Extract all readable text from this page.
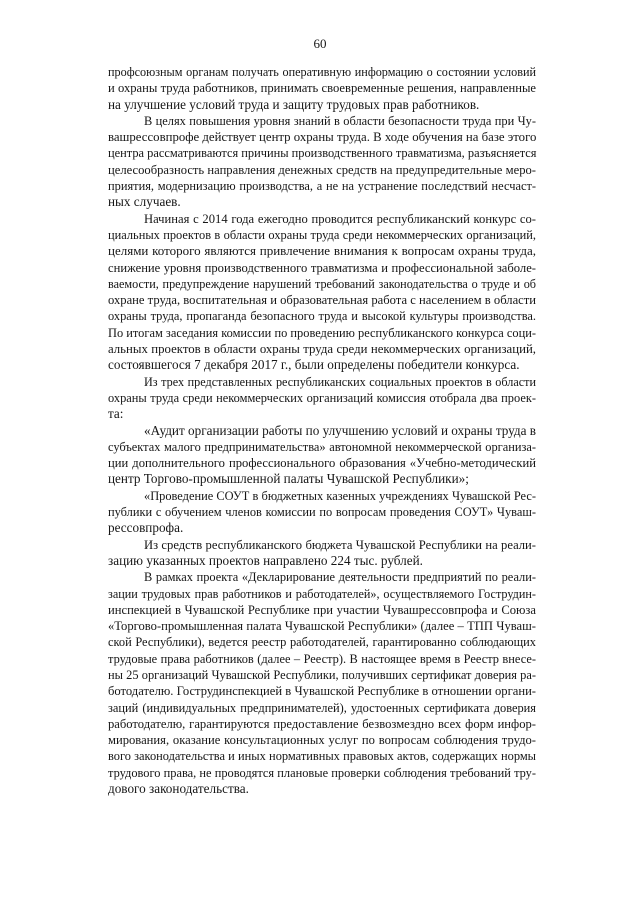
60
профсоюзным органам получать оперативную информацию о состоянии условий
и охраны труда работников, принимать своевременные решения, направленные
на улучшение условий труда и защиту трудовых прав работников.
В целях повышения уровня знаний в области безопасности труда при Чу-
вашрессовпрофе действует центр охраны труда. В ходе обучения на базе этого
центра рассматриваются причины производственного травматизма, разъясняется
целесообразность направления денежных средств на предупредительные меро-
приятия, модернизацию производства, а не на устранение последствий несчаст-
ных случаев.
Начиная с 2014 года ежегодно проводится республиканский конкурс со-
циальных проектов в области охраны труда среди некоммерческих организаций,
целями которого являются привлечение внимания к вопросам охраны труда,
снижение уровня производственного травматизма и профессиональной заболе-
ваемости, предупреждение нарушений требований законодательства о труде и об
охране труда, воспитательная и образовательная работа с населением в области
охраны труда, пропаганда безопасного труда и высокой культуры производства.
По итогам заседания комиссии по проведению республиканского конкурса соци-
альных проектов в области охраны труда среди некоммерческих организаций,
состоявшегося 7 декабря 2017 г., были определены победители конкурса.
Из трех представленных республиканских социальных проектов в области
охраны труда среди некоммерческих организаций комиссия отобрала два проек-
та:
«Аудит организации работы по улучшению условий и охраны труда в
субъектах малого предпринимательства» автономной некоммерческой организа-
ции дополнительного профессионального образования «Учебно-методический
центр Торгово-промышленной палаты Чувашской Республики»;
«Проведение СОУТ в бюджетных казенных учреждениях Чувашской Рес-
публики с обучением членов комиссии по вопросам проведения СОУТ» Чуваш-
рессовпрофа.
Из средств республиканского бюджета Чувашской Республики на реали-
зацию указанных проектов направлено 224 тыс. рублей.
В рамках проекта «Декларирование деятельности предприятий по реали-
зации трудовых прав работников и работодателей», осуществляемого Гострудин-
инспекцией в Чувашской Республике при участии Чувашрессовпрофа и Союза
«Торгово-промышленная палата Чувашской Республики» (далее – ТПП Чуваш-
ской Республики), ведется реестр работодателей, гарантированно соблюдающих
трудовые права работников (далее – Реестр). В настоящее время в Реестр внесе-
ны 25 организаций Чувашской Республики, получивших сертификат доверия ра-
ботодателю. Гострудинспекцией в Чувашской Республике в отношении органи-
заций (индивидуальных предпринимателей), удостоенных сертификата доверия
работодателю, гарантируются предоставление безвозмездно всех форм инфор-
мирования, оказание консультационных услуг по вопросам соблюдения трудо-
вого законодательства и иных нормативных правовых актов, содержащих нормы
трудового права, не проводятся плановые проверки соблюдения требований тру-
дового законодательства.
